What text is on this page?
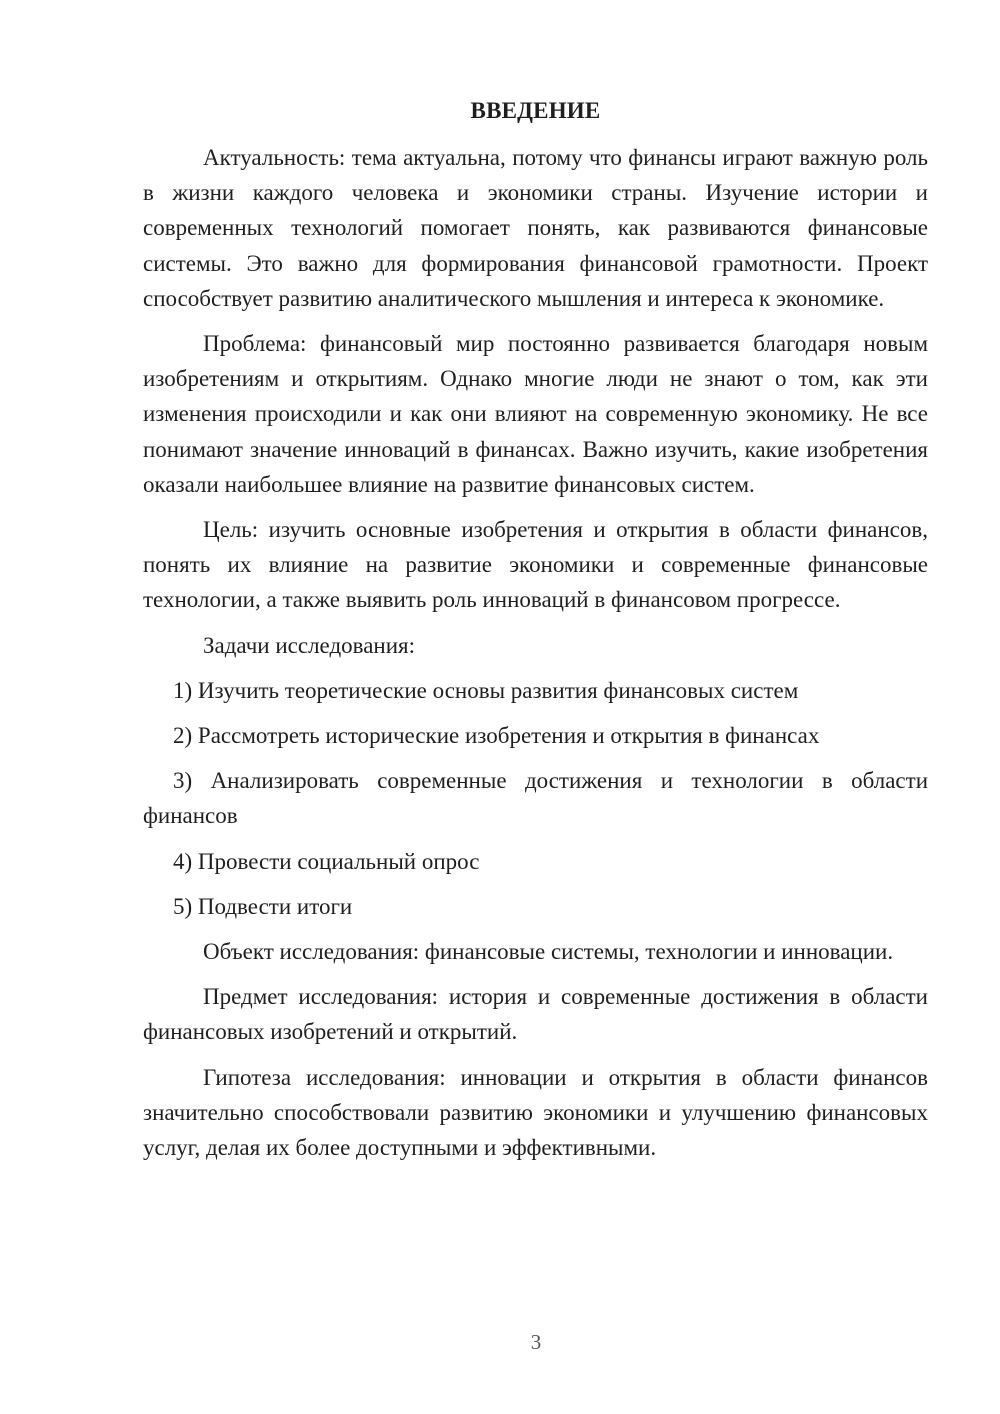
ВВЕДЕНИЕ

Актуальность: тема актуальна, потому что финансы играют важную роль в жизни каждого человека и экономики страны. Изучение истории и современных технологий помогает понять, как развиваются финансовые системы. Это важно для формирования финансовой грамотности. Проект способствует развитию аналитического мышления и интереса к экономике.

Проблема: финансовый мир постоянно развивается благодаря новым изобретениям и открытиям. Однако многие люди не знают о том, как эти изменения происходили и как они влияют на современную экономику. Не все понимают значение инноваций в финансах. Важно изучить, какие изобретения оказали наибольшее влияние на развитие финансовых систем.

Цель: изучить основные изобретения и открытия в области финансов, понять их влияние на развитие экономики и современные финансовые технологии, а также выявить роль инноваций в финансовом прогрессе.

Задачи исследования:

1) Изучить теоретические основы развития финансовых систем

2) Рассмотреть исторические изобретения и открытия в финансах

3) Анализировать современные достижения и технологии в области финансов

4) Провести социальный опрос

5) Подвести итоги

Объект исследования: финансовые системы, технологии и инновации.

Предмет исследования: история и современные достижения в области финансовых изобретений и открытий.

Гипотеза исследования: инновации и открытия в области финансов значительно способствовали развитию экономики и улучшению финансовых услуг, делая их более доступными и эффективными.

3
